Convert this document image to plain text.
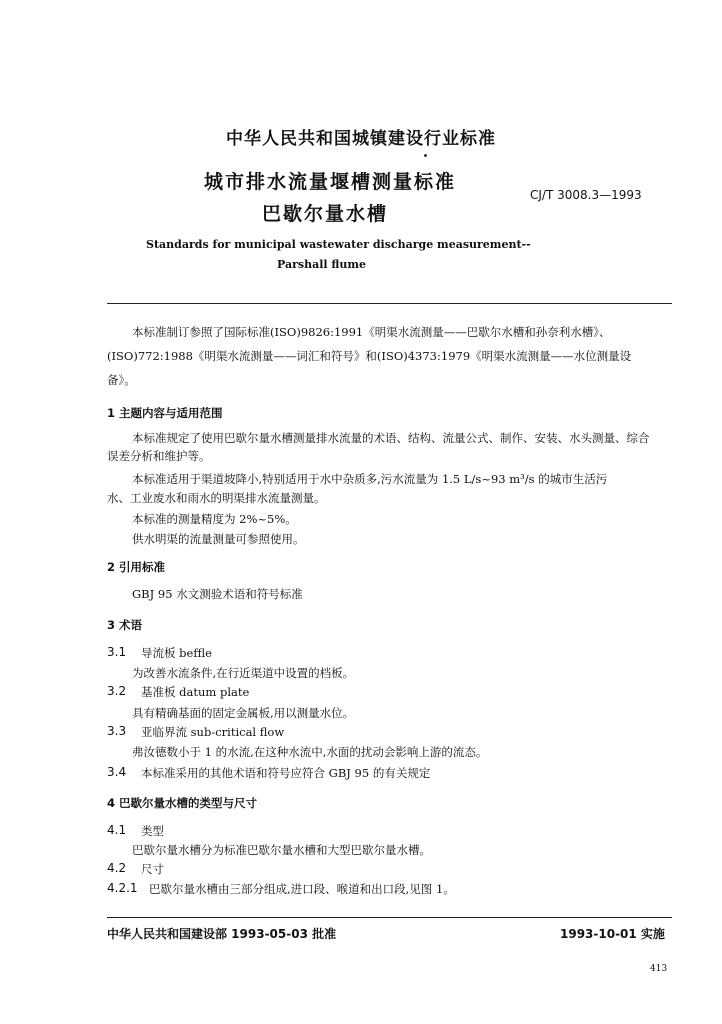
中华人民共和国城镇建设行业标准
城市排水流量堰槽测量标准
巴歇尔量水槽
CJ/T 3008.3—1993
Standards for municipal wastewater discharge measurement--
Parshall flume
本标准制订参照了国际标准(ISO)9826:1991《明渠水流测量——巴歇尔水槽和孙奈利水槽》、
(ISO)772:1988《明渠水流测量——词汇和符号》和(ISO)4373:1979《明渠水流测量——水位测量设
备》。
1 主题内容与适用范围
本标准规定了使用巴歇尔量水槽测量排水流量的术语、结构、流量公式、制作、安装、水头测量、综合
误差分析和维护等。
本标准适用于渠道坡降小,特别适用于水中杂质多,污水流量为 1.5 L/s~93 m³/s 的城市生活污
水、工业废水和雨水的明渠排水流量测量。
本标准的测量精度为 2%~5%。
供水明渠的流量测量可参照使用。
2 引用标准
GBJ 95 水文测验术语和符号标准
3 术语
3.1 导流板 beffle
为改善水流条件,在行近渠道中设置的档板。
3.2 基准板 datum plate
具有精确基面的固定金属板,用以测量水位。
3.3 亚临界流 sub-critical flow
弗汝德数小于 1 的水流,在这种水流中,水面的扰动会影响上游的流态。
3.4 本标准采用的其他术语和符号应符合 GBJ 95 的有关规定
4 巴歇尔量水槽的类型与尺寸
4.1 类型
巴歇尔量水槽分为标准巴歇尔量水槽和大型巴歇尔量水槽。
4.2 尺寸
4.2.1 巴歇尔量水槽由三部分组成,进口段、喉道和出口段,见图 1。
中华人民共和国建设部 1993-05-03 批准	1993-10-01 实施
413
